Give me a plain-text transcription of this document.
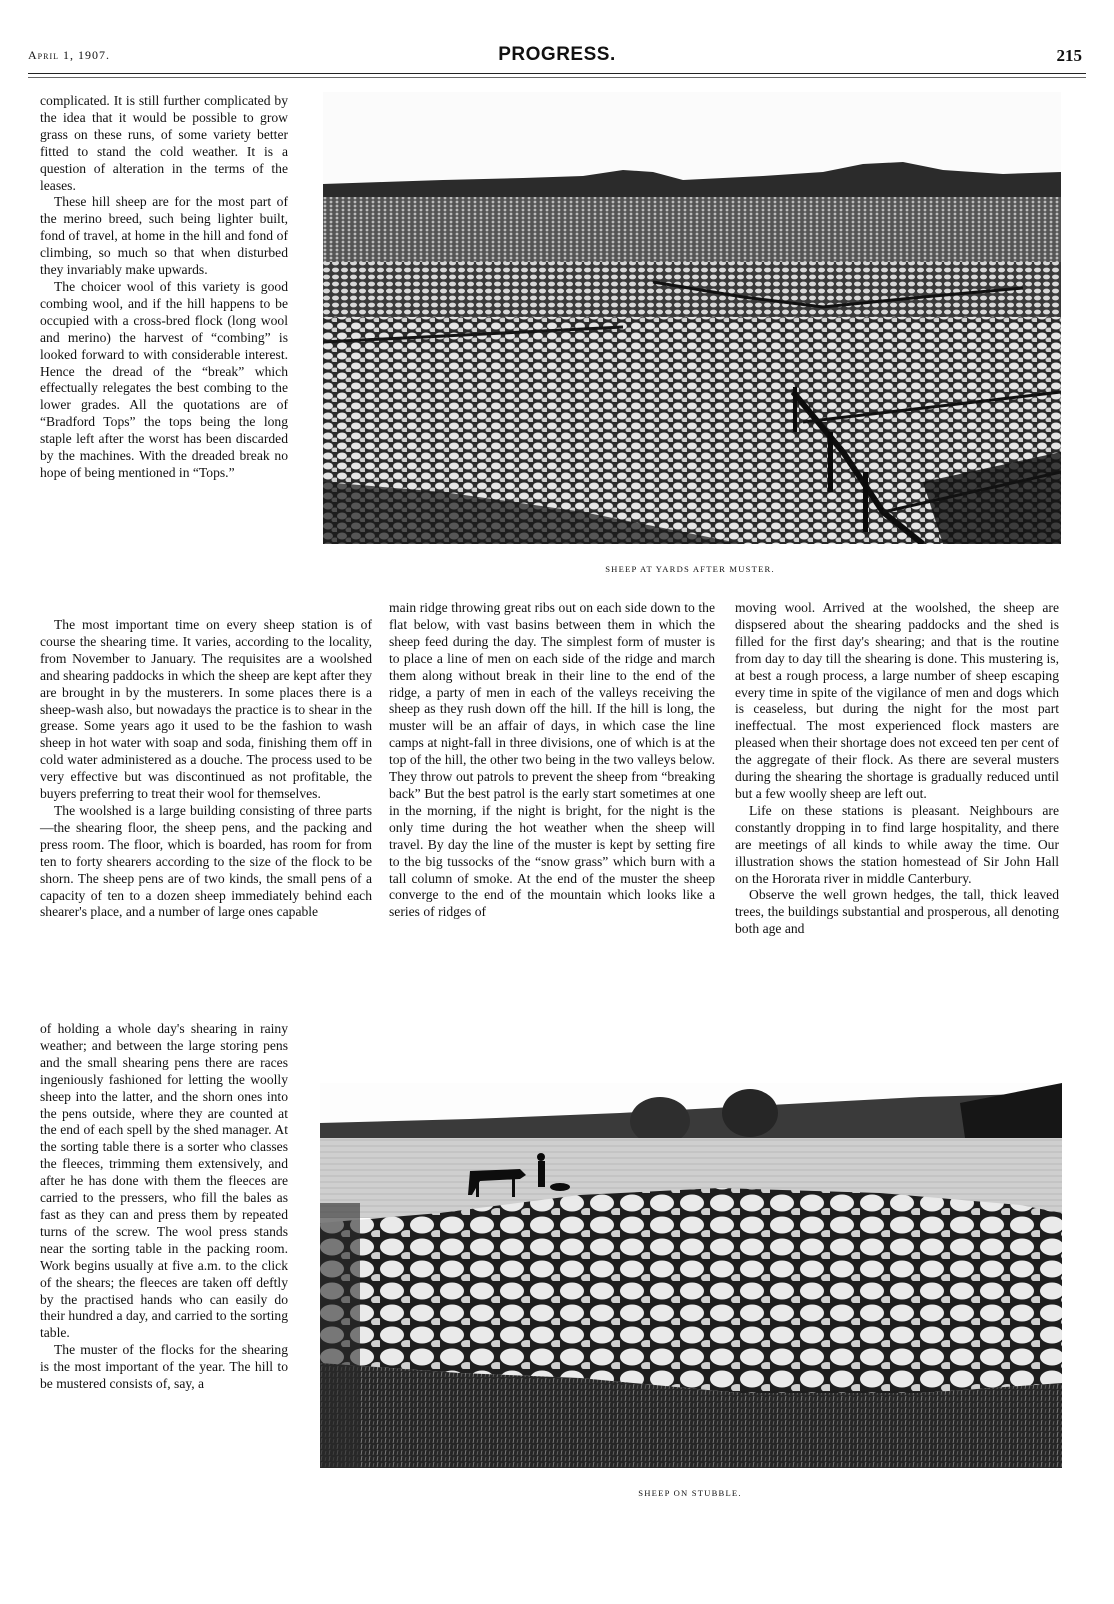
April 1, 1907.	PROGRESS.	215

complicated. It is still further complicated by the idea that it would be possible to grow grass on these runs, of some variety better fitted to stand the cold weather. It is a question of alteration in the terms of the leases.

These hill sheep are for the most part of the merino breed, such being lighter built, fond of travel, at home in the hill and fond of climbing, so much so that when disturbed they invariably make upwards.

The choicer wool of this variety is good combing wool, and if the hill happens to be occupied with a cross-bred flock (long wool and merino) the harvest of “combing” is looked forward to with considerable interest. Hence the dread of the “break” which effectually relegates the best combing to the lower grades. All the quotations are of “Bradford Tops” the tops being the long staple left after the worst has been discarded by the machines. With the dreaded break no hope of being mentioned in “Tops.”

The most important time on every sheep station is of course the shearing time. It varies, according to the locality, from November to January. The requisites are a woolshed and shearing paddocks in which the sheep are kept after they are brought in by the musterers. In some places there is a sheep-wash also, but nowadays the practice is to shear in the grease. Some years ago it used to be the fashion to wash sheep in hot water with soap and soda, finishing them off in cold water administered as a douche. The process used to be very effective but was discontinued as not profitable, the buyers preferring to treat their wool for themselves.

The woolshed is a large building consisting of three parts—the shearing floor, the sheep pens, and the packing and press room. The floor, which is boarded, has room for from ten to forty shearers according to the size of the flock to be shorn. The sheep pens are of two kinds, the small pens of a capacity of ten to a dozen sheep immediately behind each shearer's place, and a number of large ones capable

of holding a whole day's shearing in rainy weather; and between the large storing pens and the small shearing pens there are races ingeniously fashioned for letting the woolly sheep into the latter, and the shorn ones into the pens outside, where they are counted at the end of each spell by the shed manager. At the sorting table there is a sorter who classes the fleeces, trimming them extensively, and after he has done with them the fleeces are carried to the pressers, who fill the bales as fast as they can and press them by repeated turns of the screw. The wool press stands near the sorting table in the packing room. Work begins usually at five a.m. to the click of the shears; the fleeces are taken off deftly by the practised hands who can easily do their hundred a day, and carried to the sorting table.

The muster of the flocks for the shearing is the most important of the year. The hill to be mustered consists of, say, a

main ridge throwing great ribs out on each side down to the flat below, with vast basins between them in which the sheep feed during the day. The simplest form of muster is to place a line of men on each side of the ridge and march them along without break in their line to the end of the ridge, a party of men in each of the valleys receiving the sheep as they rush down off the hill. If the hill is long, the muster will be an affair of days, in which case the line camps at night-fall in three divisions, one of which is at the top of the hill, the other two being in the two valleys below. They throw out patrols to prevent the sheep from “breaking back” But the best patrol is the early start sometimes at one in the morning, if the night is bright, for the night is the only time during the hot weather when the sheep will travel. By day the line of the muster is kept by setting fire to the big tussocks of the “snow grass” which burn with a tall column of smoke. At the end of the muster the sheep converge to the end of the mountain which looks like a series of ridges of

moving wool. Arrived at the woolshed, the sheep are dispsered about the shearing paddocks and the shed is filled for the first day's shearing; and that is the routine from day to day till the shearing is done. This mustering is, at best a rough process, a large number of sheep escaping every time in spite of the vigilance of men and dogs which is ceaseless, but during the night for the most part ineffectual. The most experienced flock masters are pleased when their shortage does not exceed ten per cent of the aggregate of their flock. As there are several musters during the shearing the shortage is gradually reduced until but a few woolly sheep are left out.

Life on these stations is pleasant. Neighbours are constantly dropping in to find large hospitality, and there are meetings of all kinds to while away the time. Our illustration shows the station homestead of Sir John Hall on the Hororata river in middle Canterbury.

Observe the well grown hedges, the tall, thick leaved trees, the buildings substantial and prosperous, all denoting both age and

SHEEP AT YARDS AFTER MUSTER.
SHEEP ON STUBBLE.
